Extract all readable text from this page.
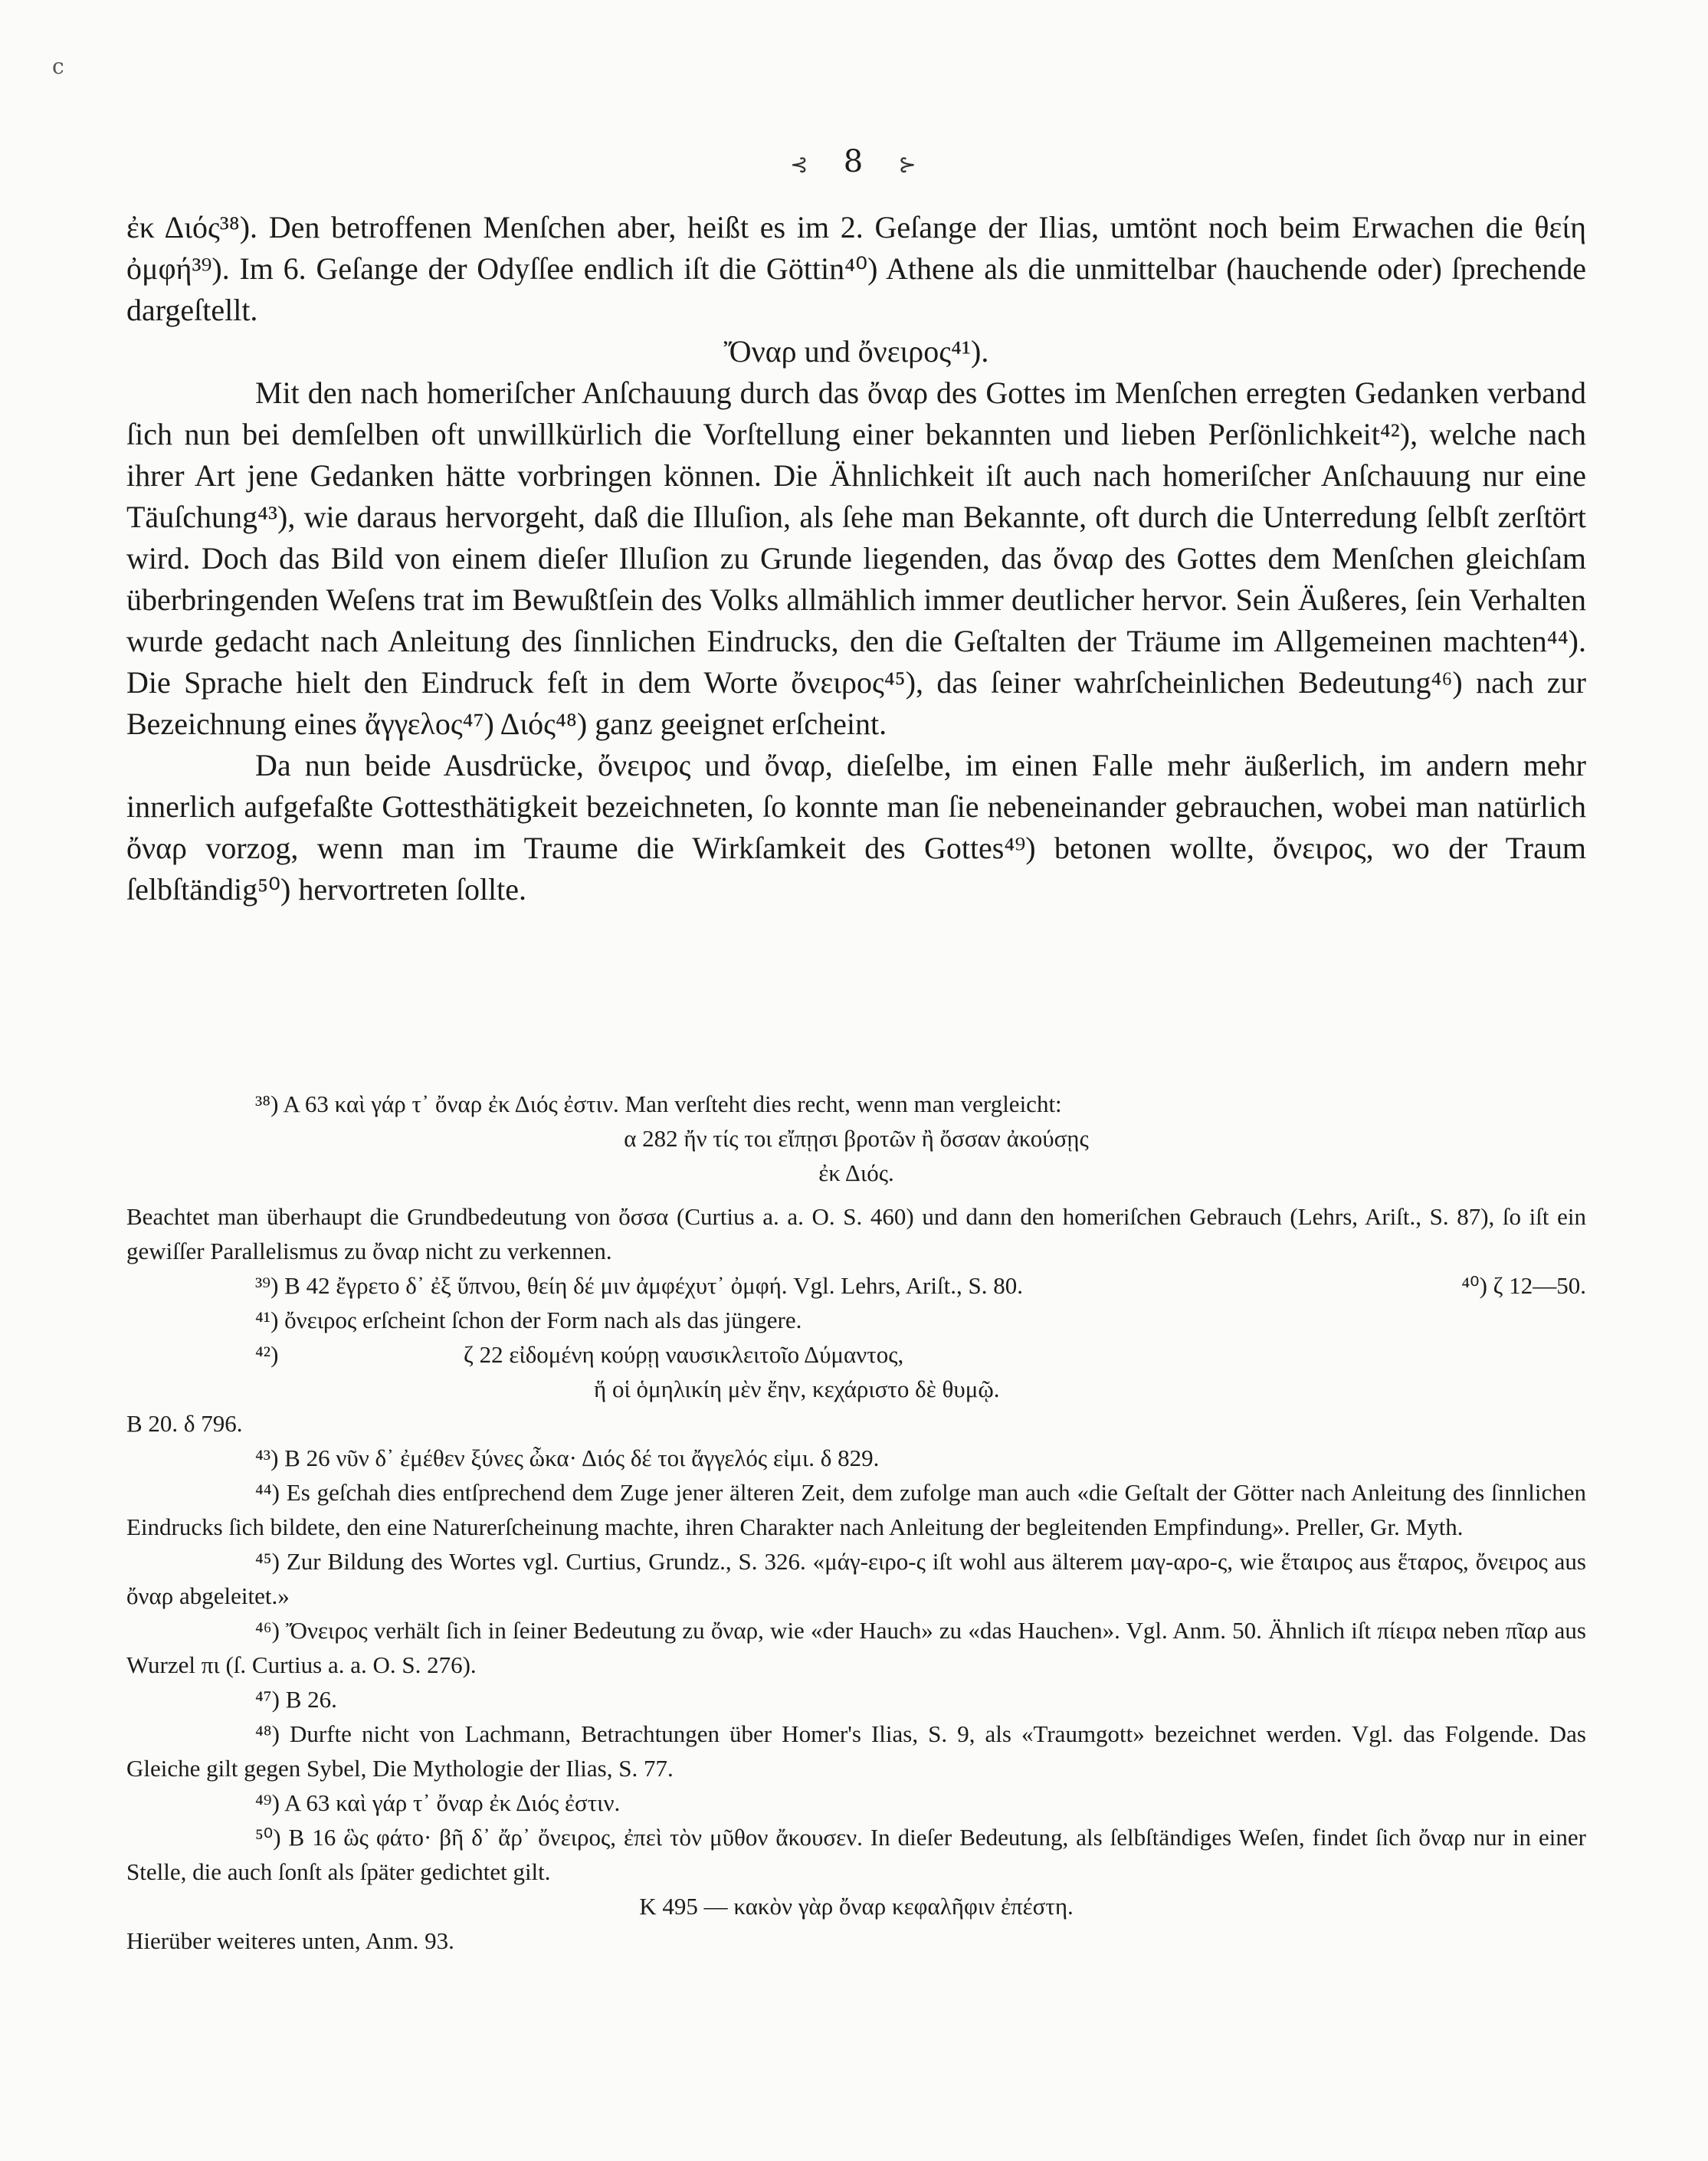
c
⊰ 8 ⊱

ἐκ Διός³⁸). Den betroffenen Menſchen aber, heißt es im 2. Geſange der Ilias, umtönt noch beim Erwachen die θείη ὀμφή³⁹). Im 6. Geſange der Odyſſee endlich iſt die Göttin⁴⁰) Athene als die unmittelbar (hauchende oder) ſprechende dargeſtellt.

Ὄναρ und ὄνειρος⁴¹).

Mit den nach homeriſcher Anſchauung durch das ὄναρ des Gottes im Menſchen erregten Gedanken verband ſich nun bei demſelben oft unwillkürlich die Vorſtellung einer bekannten und lieben Perſönlichkeit⁴²), welche nach ihrer Art jene Gedanken hätte vorbringen können. Die Ähnlichkeit iſt auch nach homeriſcher Anſchauung nur eine Täuſchung⁴³), wie daraus hervorgeht, daß die Illuſion, als ſehe man Bekannte, oft durch die Unterredung ſelbſt zerſtört wird. Doch das Bild von einem dieſer Illuſion zu Grunde liegenden, das ὄναρ des Gottes dem Menſchen gleichſam überbringenden Weſens trat im Bewußtſein des Volks allmählich immer deutlicher hervor. Sein Äußeres, ſein Verhalten wurde gedacht nach Anleitung des ſinnlichen Eindrucks, den die Geſtalten der Träume im Allgemeinen machten⁴⁴). Die Sprache hielt den Eindruck feſt in dem Worte ὄνειρος⁴⁵), das ſeiner wahrſcheinlichen Bedeutung⁴⁶) nach zur Bezeichnung eines ἄγγελος⁴⁷) Διός⁴⁸) ganz geeignet erſcheint.

Da nun beide Ausdrücke, ὄνειρος und ὄναρ, dieſelbe, im einen Falle mehr äußerlich, im andern mehr innerlich aufgefaßte Gottesthätigkeit bezeichneten, ſo konnte man ſie nebeneinander gebrauchen, wobei man natürlich ὄναρ vorzog, wenn man im Traume die Wirkſamkeit des Gottes⁴⁹) betonen wollte, ὄνειρος, wo der Traum ſelbſtändig⁵⁰) hervortreten ſollte.

³⁸) Α 63 καὶ γάρ τ᾽ ὄναρ ἐκ Διός ἐστιν. Man verſteht dies recht, wenn man vergleicht:

α 282 ἤν τίς τοι εἴπῃσι βροτῶν ἢ ὄσσαν ἀκούσῃς

ἐκ Διός.

Beachtet man überhaupt die Grundbedeutung von ὄσσα (Curtius a. a. O. S. 460) und dann den homeriſchen Gebrauch (Lehrs, Ariſt., S. 87), ſo iſt ein gewiſſer Parallelismus zu ὄναρ nicht zu verkennen.

³⁹) Β 42 ἔγρετο δ᾽ ἐξ ὕπνου, θείη δέ μιν ἀμφέχυτ᾽ ὀμφή. Vgl. Lehrs, Ariſt., S. 80.	⁴⁰) ζ 12—50.

⁴¹) ὄνειρος erſcheint ſchon der Form nach als das jüngere.

⁴²)	ζ 22 εἰδομένη κούρῃ ναυσικλειτοῖο Δύμαντος,

ἥ οἱ ὁμηλικίη μὲν ἔην, κεχάριστο δὲ θυμῷ.

Β 20. δ 796.

⁴³) Β 26 νῦν δ᾽ ἐμέθεν ξύνες ὦκα· Διός δέ τοι ἄγγελός εἰμι. δ 829.

⁴⁴) Es geſchah dies entſprechend dem Zuge jener älteren Zeit, dem zufolge man auch «die Geſtalt der Götter nach Anleitung des ſinnlichen Eindrucks ſich bildete, den eine Naturerſcheinung machte, ihren Charakter nach Anleitung der begleitenden Empfindung». Preller, Gr. Myth.

⁴⁵) Zur Bildung des Wortes vgl. Curtius, Grundz., S. 326. «μάγ-ειρο-ς iſt wohl aus älterem μαγ-αρο-ς, wie ἕταιρος aus ἕταρος, ὄνειρος aus ὄναρ abgeleitet.»

⁴⁶) Ὄνειρος verhält ſich in ſeiner Bedeutung zu ὄναρ, wie «der Hauch» zu «das Hauchen». Vgl. Anm. 50. Ähnlich iſt πίειρα neben πῖαρ aus Wurzel πι (ſ. Curtius a. a. O. S. 276).

⁴⁷) Β 26.

⁴⁸) Durfte nicht von Lachmann, Betrachtungen über Homer's Ilias, S. 9, als «Traumgott» bezeichnet werden. Vgl. das Folgende. Das Gleiche gilt gegen Sybel, Die Mythologie der Ilias, S. 77.

⁴⁹) Α 63 καὶ γάρ τ᾽ ὄναρ ἐκ Διός ἐστιν.

⁵⁰) Β 16 ὣς φάτο· βῆ δ᾽ ἄρ᾽ ὄνειρος, ἐπεὶ τὸν μῦθον ἄκουσεν. In dieſer Bedeutung, als ſelbſtändiges Weſen, findet ſich ὄναρ nur in einer Stelle, die auch ſonſt als ſpäter gedichtet gilt.

Κ 495 — κακὸν γὰρ ὄναρ κεφαλῆφιν ἐπέστη.

Hierüber weiteres unten, Anm. 93.
